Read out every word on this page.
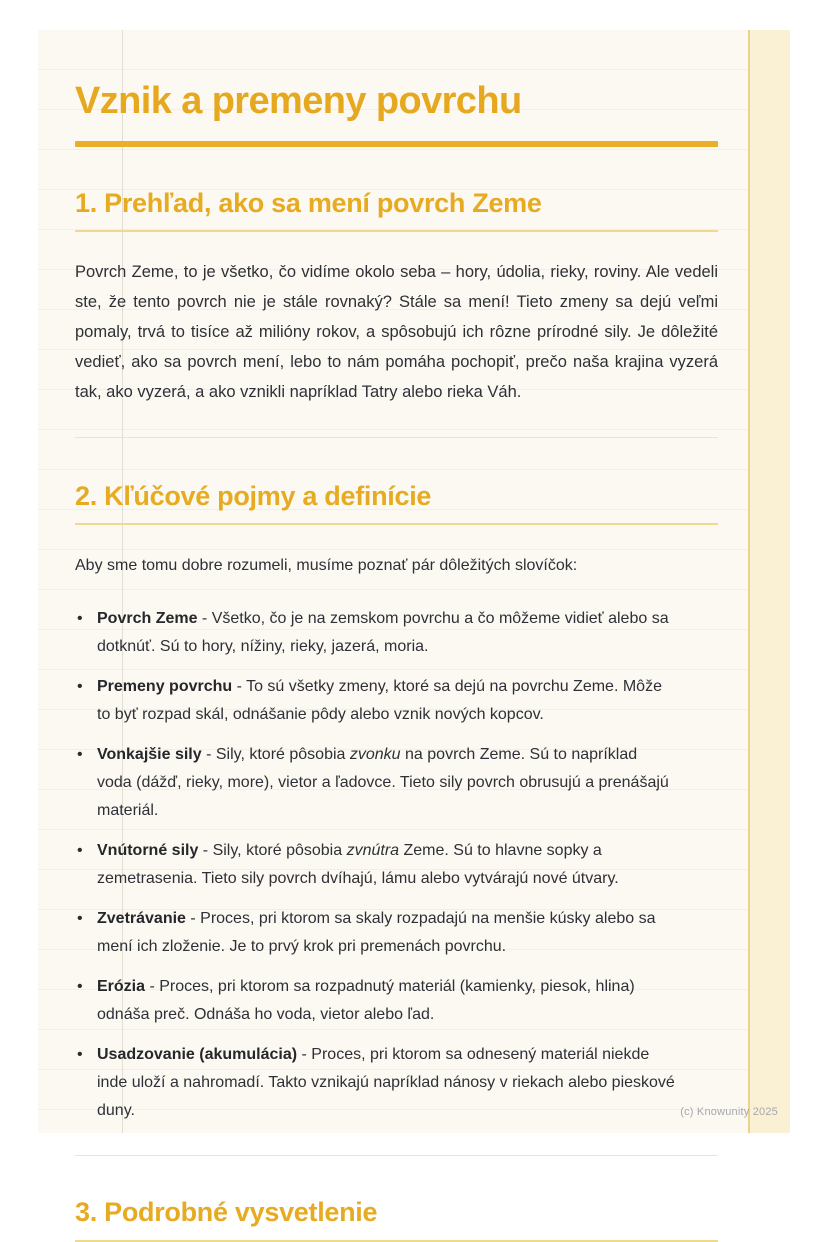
Vznik a premeny povrchu
1. Prehľad, ako sa mení povrch Zeme

Povrch Zeme, to je všetko, čo vidíme okolo seba – hory, údolia, rieky, roviny. Ale vedeli ste, že tento povrch nie je stále rovnaký? Stále sa mení! Tieto zmeny sa dejú veľmi pomaly, trvá to tisíce až milióny rokov, a spôsobujú ich rôzne prírodné sily. Je dôležité vedieť, ako sa povrch mení, lebo to nám pomáha pochopiť, prečo naša krajina vyzerá tak, ako vyzerá, a ako vznikli napríklad Tatry alebo rieka Váh.

2. Kľúčové pojmy a definície

Aby sme tomu dobre rozumeli, musíme poznať pár dôležitých slovíčok:

• Povrch Zeme - Všetko, čo je na zemskom povrchu a čo môžeme vidieť alebo sa dotknúť. Sú to hory, nížiny, rieky, jazerá, moria.
• Premeny povrchu - To sú všetky zmeny, ktoré sa dejú na povrchu Zeme. Môže to byť rozpad skál, odnášanie pôdy alebo vznik nových kopcov.
• Vonkajšie sily - Sily, ktoré pôsobia zvonku na povrch Zeme. Sú to napríklad voda (dážď, rieky, more), vietor a ľadovce. Tieto sily povrch obrusujú a prenášajú materiál.
• Vnútorné sily - Sily, ktoré pôsobia zvnútra Zeme. Sú to hlavne sopky a zemetrasenia. Tieto sily povrch dvíhajú, lámu alebo vytvárajú nové útvary.
• Zvetrávanie - Proces, pri ktorom sa skaly rozpadajú na menšie kúsky alebo sa mení ich zloženie. Je to prvý krok pri premenách povrchu.
• Erózia - Proces, pri ktorom sa rozpadnutý materiál (kamienky, piesok, hlina) odnáša preč. Odnáša ho voda, vietor alebo ľad.
• Usadzovanie (akumulácia) - Proces, pri ktorom sa odnesený materiál niekde inde uloží a nahromadí. Takto vznikajú napríklad nánosy v riekach alebo pieskové duny.
3. Podrobné vysvetlenie
(c) Knowunity 2025
